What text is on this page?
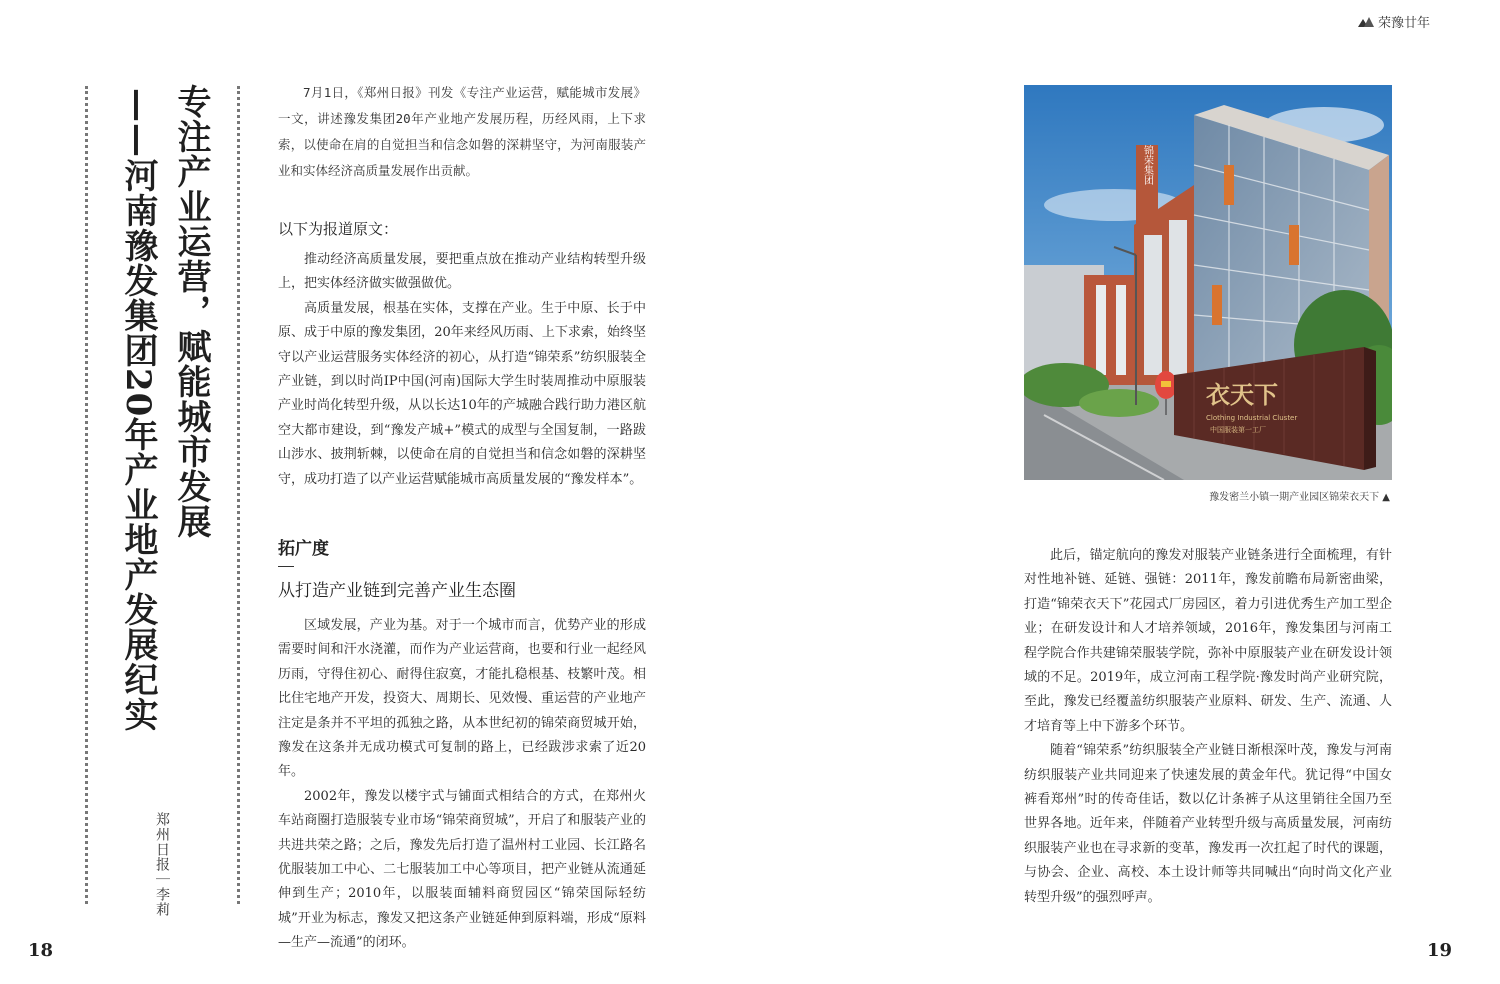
荣豫廿年
18	19
专注产业运营，赋能城市发展
——河南豫发集团20年产业地产发展纪实
郑州日报｜李莉

7月1日，《郑州日报》刊发《专注产业运营，赋能城市发展》一文，讲述豫发集团20年产业地产发展历程，历经风雨，上下求索，以使命在肩的自觉担当和信念如磐的深耕坚守，为河南服装产业和实体经济高质量发展作出贡献。

以下为报道原文：

推动经济高质量发展，要把重点放在推动产业结构转型升级上，把实体经济做实做强做优。

高质量发展，根基在实体，支撑在产业。生于中原、长于中原、成于中原的豫发集团，20年来经风历雨、上下求索，始终坚守以产业运营服务实体经济的初心，从打造“锦荣系”纺织服装全产业链，到以时尚IP中国(河南)国际大学生时装周推动中原服装产业时尚化转型升级，从以长达10年的产城融合践行助力港区航空大都市建设，到“豫发产城+”模式的成型与全国复制，一路跋山涉水、披荆斩棘，以使命在肩的自觉担当和信念如磐的深耕坚守，成功打造了以产业运营赋能城市高质量发展的“豫发样本”。

拓广度
从打造产业链到完善产业生态圈

区域发展，产业为基。对于一个城市而言，优势产业的形成需要时间和汗水浇灌，而作为产业运营商，也要和行业一起经风历雨，守得住初心、耐得住寂寞，才能扎稳根基、枝繁叶茂。相比住宅地产开发，投资大、周期长、见效慢、重运营的产业地产注定是条并不平坦的孤独之路，从本世纪初的锦荣商贸城开始，豫发在这条并无成功模式可复制的路上，已经跋涉求索了近20年。

2002年，豫发以楼宇式与铺面式相结合的方式，在郑州火车站商圈打造服装专业市场“锦荣商贸城”，开启了和服装产业的共进共荣之路；之后，豫发先后打造了温州村工业园、长江路名优服装加工中心、二七服装加工中心等项目，把产业链从流通延伸到生产；2010年，以服装面辅料商贸园区“锦荣国际轻纺城”开业为标志，豫发又把这条产业链延伸到原料端，形成“原料—生产—流通”的闭环。

锦荣集团
衣天下
Clothing Industrial Cluster
中国服装第一工厂
豫发密兰小镇一期产业园区锦荣衣天下 ▲

此后，锚定航向的豫发对服装产业链条进行全面梳理，有针对性地补链、延链、强链：2011年，豫发前瞻布局新密曲梁，打造“锦荣衣天下”花园式厂房园区，着力引进优秀生产加工型企业；在研发设计和人才培养领域，2016年，豫发集团与河南工程学院合作共建锦荣服装学院，弥补中原服装产业在研发设计领域的不足。2019年，成立河南工程学院·豫发时尚产业研究院，至此，豫发已经覆盖纺织服装产业原料、研发、生产、流通、人才培育等上中下游多个环节。

随着“锦荣系”纺织服装全产业链日渐根深叶茂，豫发与河南纺织服装产业共同迎来了快速发展的黄金年代。犹记得“中国女裤看郑州”时的传奇佳话，数以亿计条裤子从这里销往全国乃至世界各地。近年来，伴随着产业转型升级与高质量发展，河南纺织服装产业也在寻求新的变革，豫发再一次扛起了时代的课题，与协会、企业、高校、本土设计师等共同喊出“向时尚文化产业转型升级”的强烈呼声。
